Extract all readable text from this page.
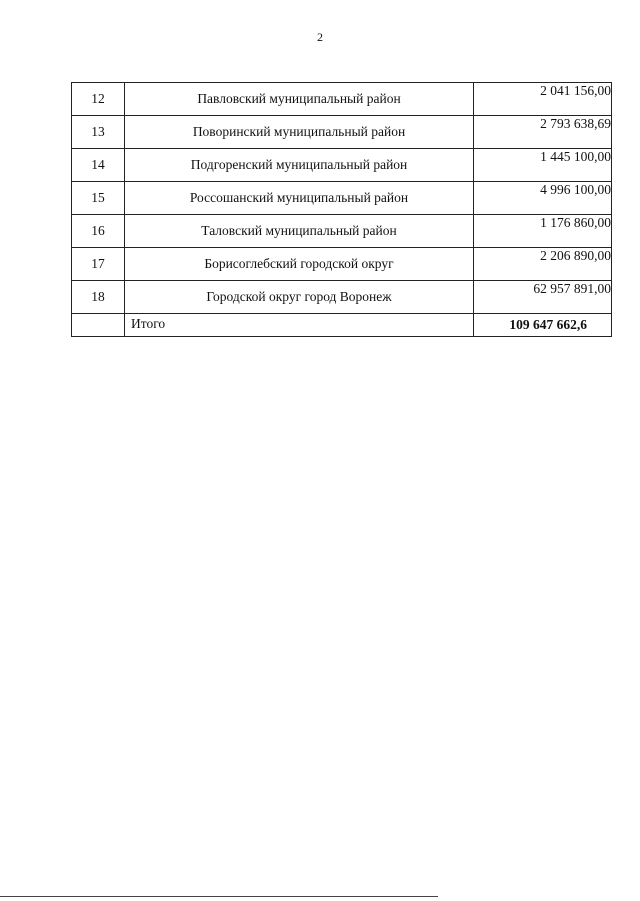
2
12	Павловский муниципальный район	2 041 156,00
13	Поворинский муниципальный район	2 793 638,69
14	Подгоренский муниципальный район	1 445 100,00
15	Россошанский муниципальный район	4 996 100,00
16	Таловский муниципальный район	1 176 860,00
17	Борисоглебский городской округ	2 206 890,00
18	Городской округ город Воронеж	62 957 891,00
	Итого	109 647 662,6
